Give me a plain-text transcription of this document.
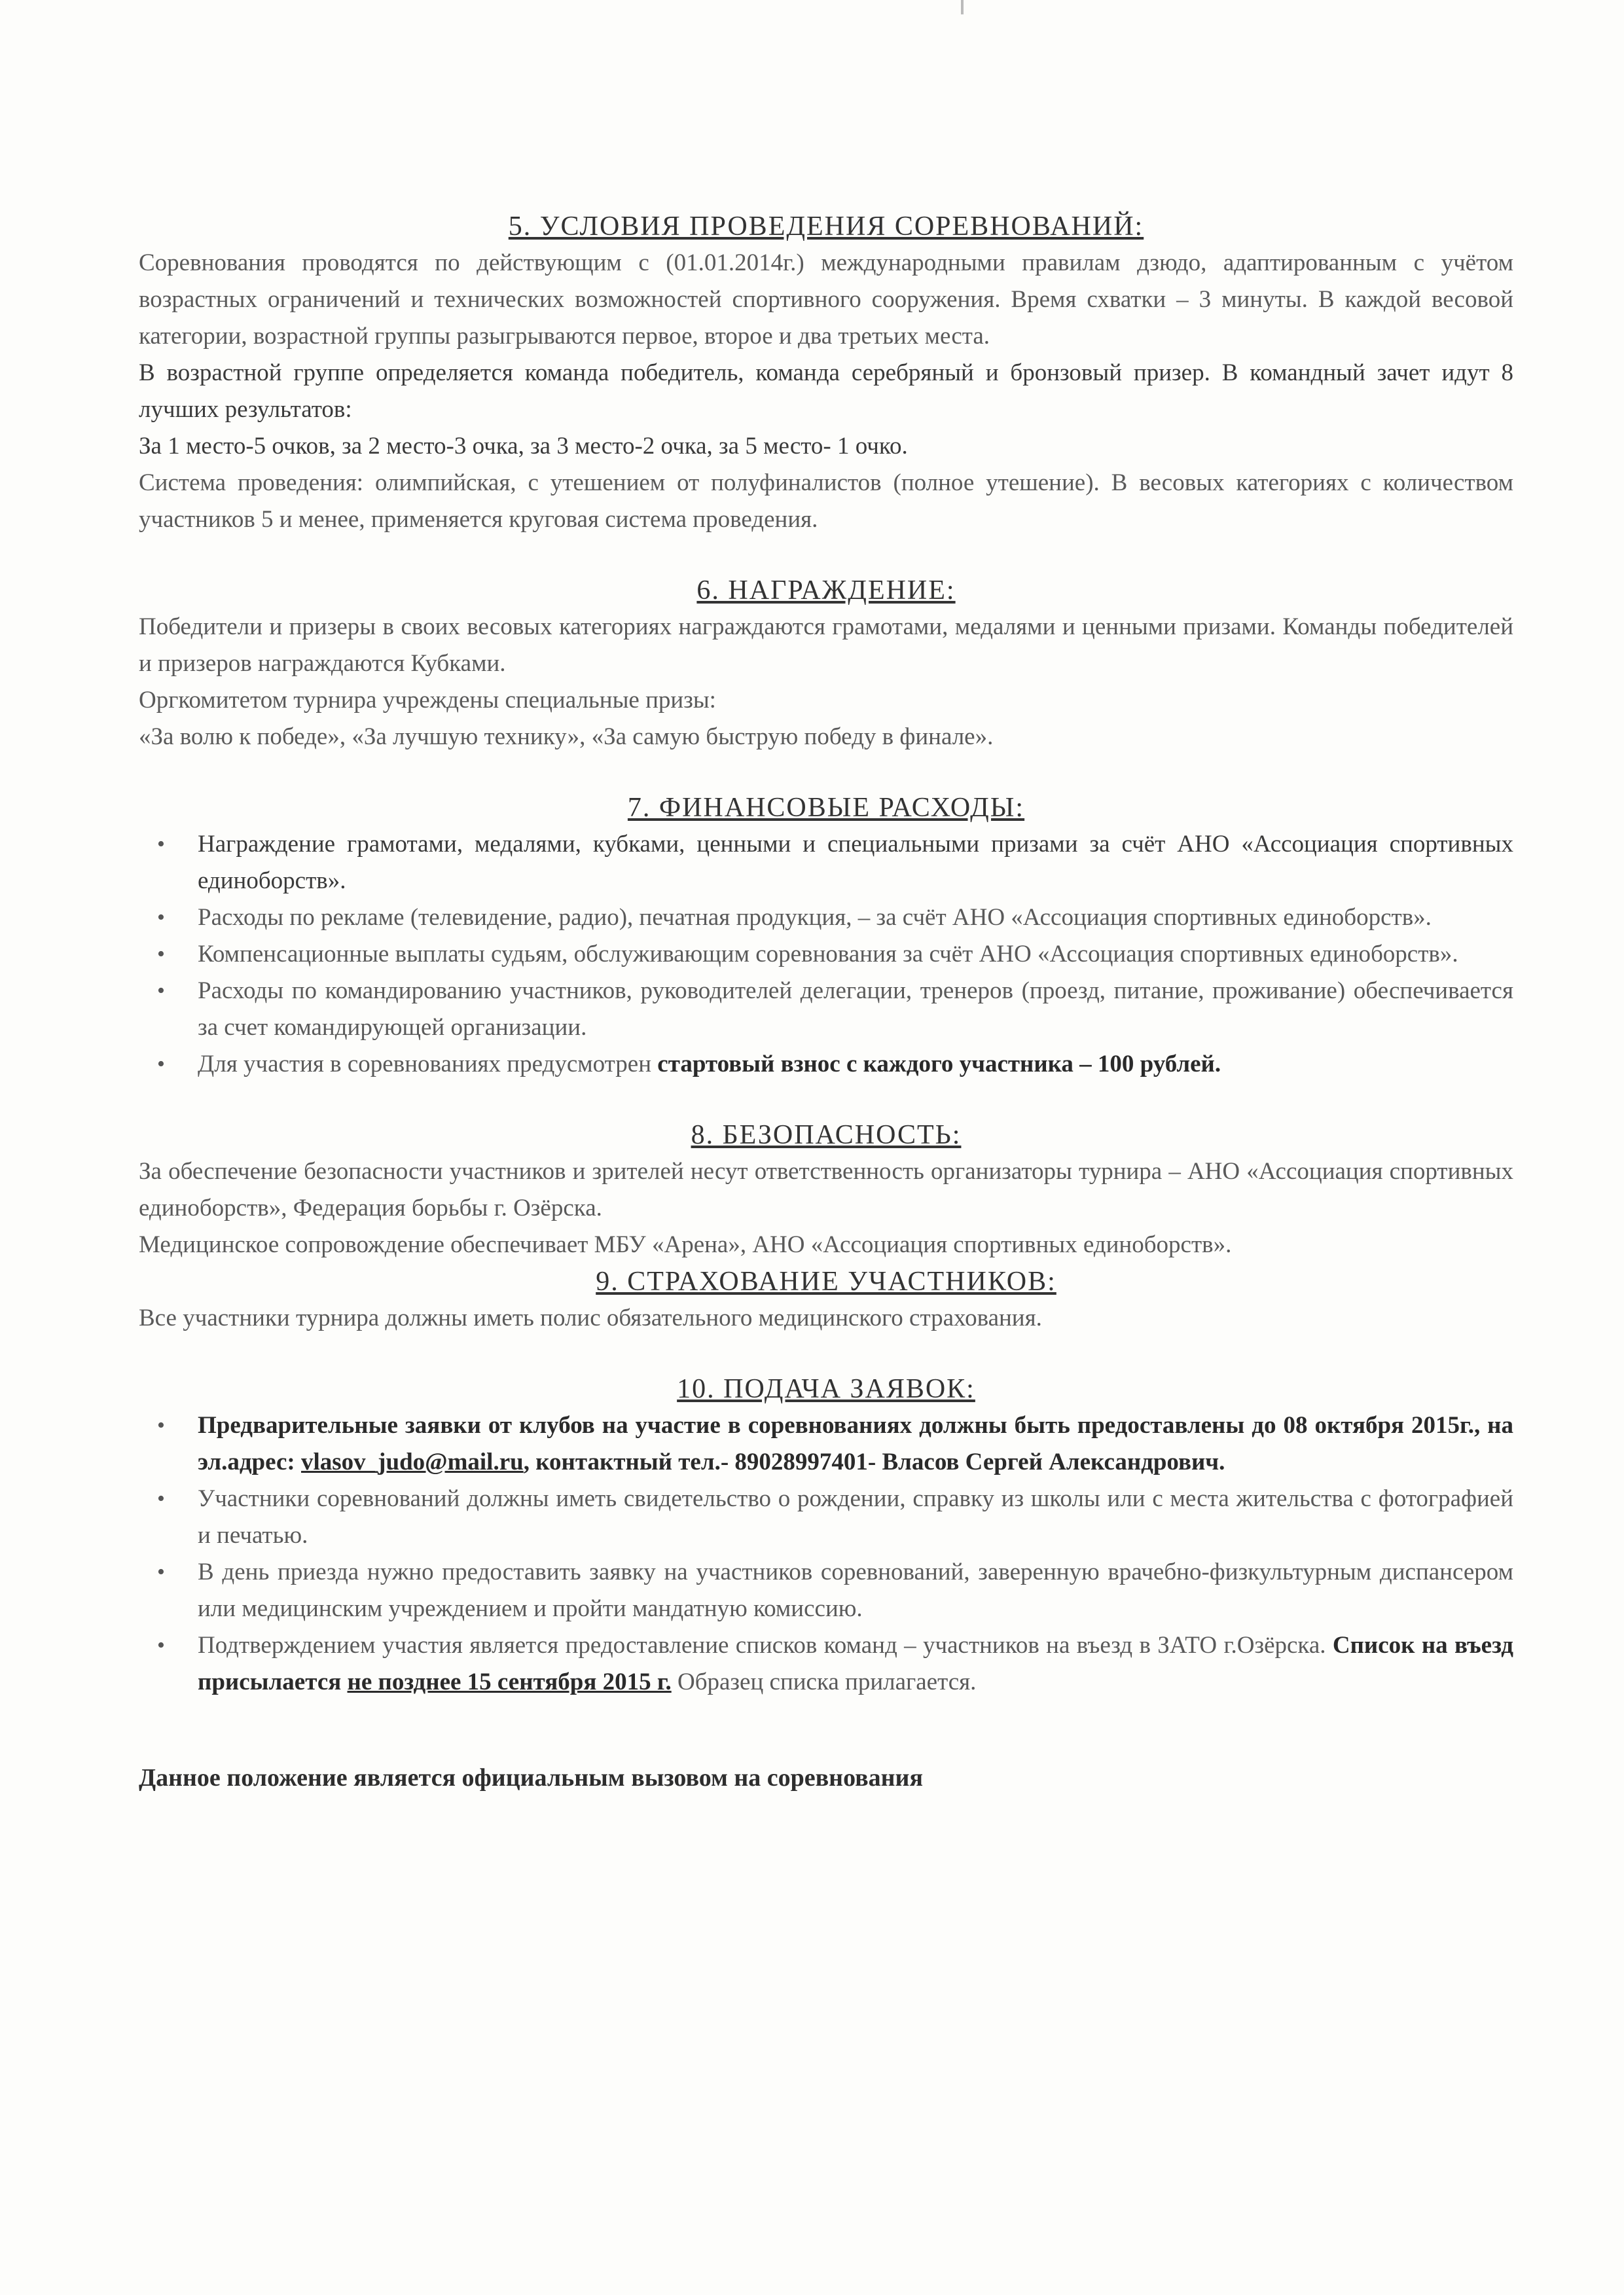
5. УСЛОВИЯ ПРОВЕДЕНИЯ СОРЕВНОВАНИЙ:

Соревнования проводятся по действующим с (01.01.2014г.) международными правилам дзюдо, адаптированным с учётом возрастных ограничений и технических возможностей спортивного сооружения. Время схватки – 3 минуты. В каждой весовой категории, возрастной группы разыгрываются первое, второе и два третьих места.

В возрастной группе определяется команда победитель, команда серебряный и бронзовый призер. В командный зачет идут 8 лучших результатов:

За 1 место-5 очков, за 2 место-3 очка, за 3 место-2 очка, за 5 место- 1 очко.

Система проведения: олимпийская, с утешением от полуфиналистов (полное утешение). В весовых категориях с количеством участников 5 и менее, применяется круговая система проведения.

6. НАГРАЖДЕНИЕ:

Победители и призеры в своих весовых категориях награждаются грамотами, медалями и ценными призами. Команды победителей и призеров награждаются Кубками.

Оргкомитетом турнира учреждены специальные призы:

«За волю к победе», «За лучшую технику», «За самую быструю победу в финале».

7. ФИНАНСОВЫЕ РАСХОДЫ:
• Награждение грамотами, медалями, кубками, ценными и специальными призами за счёт АНО «Ассоциация спортивных единоборств».
• Расходы по рекламе (телевидение, радио), печатная продукция, – за счёт АНО «Ассоциация спортивных единоборств».
• Компенсационные выплаты судьям, обслуживающим соревнования за счёт АНО «Ассоциация спортивных единоборств».
• Расходы по командированию участников, руководителей делегации, тренеров (проезд, питание, проживание) обеспечивается за счет командирующей организации.
• Для участия в соревнованиях предусмотрен стартовый взнос с каждого участника – 100 рублей.
8. БЕЗОПАСНОСТЬ:

За обеспечение безопасности участников и зрителей несут ответственность организаторы турнира – АНО «Ассоциация спортивных единоборств», Федерация борьбы г. Озёрска.

Медицинское сопровождение обеспечивает МБУ «Арена», АНО «Ассоциация спортивных единоборств».

9. СТРАХОВАНИЕ УЧАСТНИКОВ:

Все участники турнира должны иметь полис обязательного медицинского страхования.

10. ПОДАЧА ЗАЯВОК:
• Предварительные заявки от клубов на участие в соревнованиях должны быть предоставлены до 08 октября 2015г., на эл.адрес: vlasov_judo@mail.ru, контактный тел.- 89028997401- Власов Сергей Александрович.
• Участники соревнований должны иметь свидетельство о рождении, справку из школы или с места жительства с фотографией и печатью.
• В день приезда нужно предоставить заявку на участников соревнований, заверенную врачебно-физкультурным диспансером или медицинским учреждением и пройти мандатную комиссию.
• Подтверждением участия является предоставление списков команд – участников на въезд в ЗАТО г.Озёрска. Список на въезд присылается не позднее 15 сентября 2015 г. Образец списка прилагается.

Данное положение является официальным вызовом на соревнования
